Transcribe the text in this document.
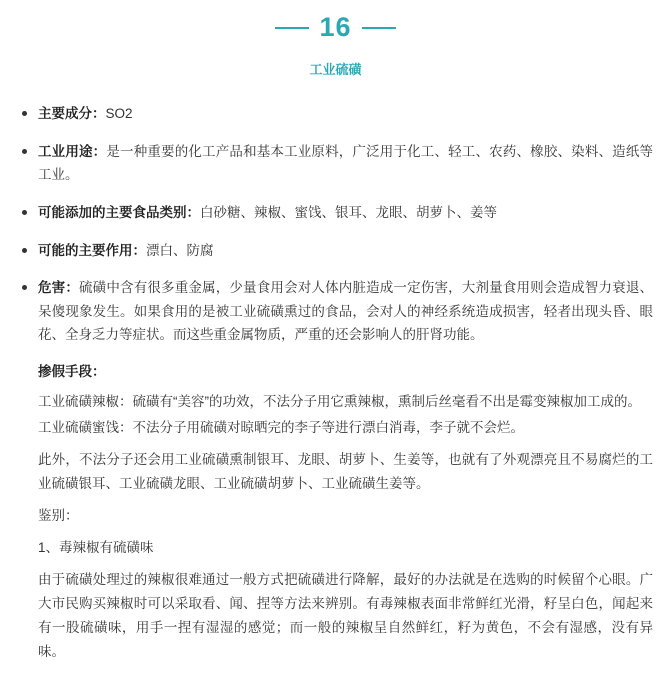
16
工业硫磺
主要成分：SO2
工业用途：是一种重要的化工产品和基本工业原料，广泛用于化工、轻工、农药、橡胶、染料、造纸等工业。
可能添加的主要食品类别：白砂糖、辣椒、蜜饯、银耳、龙眼、胡萝卜、姜等
可能的主要作用：漂白、防腐
危害：硫磺中含有很多重金属，少量食用会对人体内脏造成一定伤害，大剂量食用则会造成智力衰退、呆傻现象发生。如果食用的是被工业硫磺熏过的食品，会对人的神经系统造成损害，轻者出现头昏、眼花、全身乏力等症状。而这些重金属物质，严重的还会影响人的肝肾功能。
掺假手段：

工业硫磺辣椒：硫磺有“美容”的功效，不法分子用它熏辣椒，熏制后丝毫看不出是霉变辣椒加工成的。

工业硫磺蜜饯：不法分子用硫磺对晾晒完的李子等进行漂白消毒，李子就不会烂。

此外，不法分子还会用工业硫磺熏制银耳、龙眼、胡萝卜、生姜等，也就有了外观漂亮且不易腐烂的工业硫磺银耳、工业硫磺龙眼、工业硫磺胡萝卜、工业硫磺生姜等。

鉴别：

1、毒辣椒有硫磺味

由于硫磺处理过的辣椒很难通过一般方式把硫磺进行降解，最好的办法就是在选购的时候留个心眼。广大市民购买辣椒时可以采取看、闻、捏等方法来辨别。有毒辣椒表面非常鲜红光滑，籽呈白色，闻起来有一股硫磺味，用手一捏有湿湿的感觉；而一般的辣椒呈自然鲜红，籽为黄色，不会有湿感，没有异味。
